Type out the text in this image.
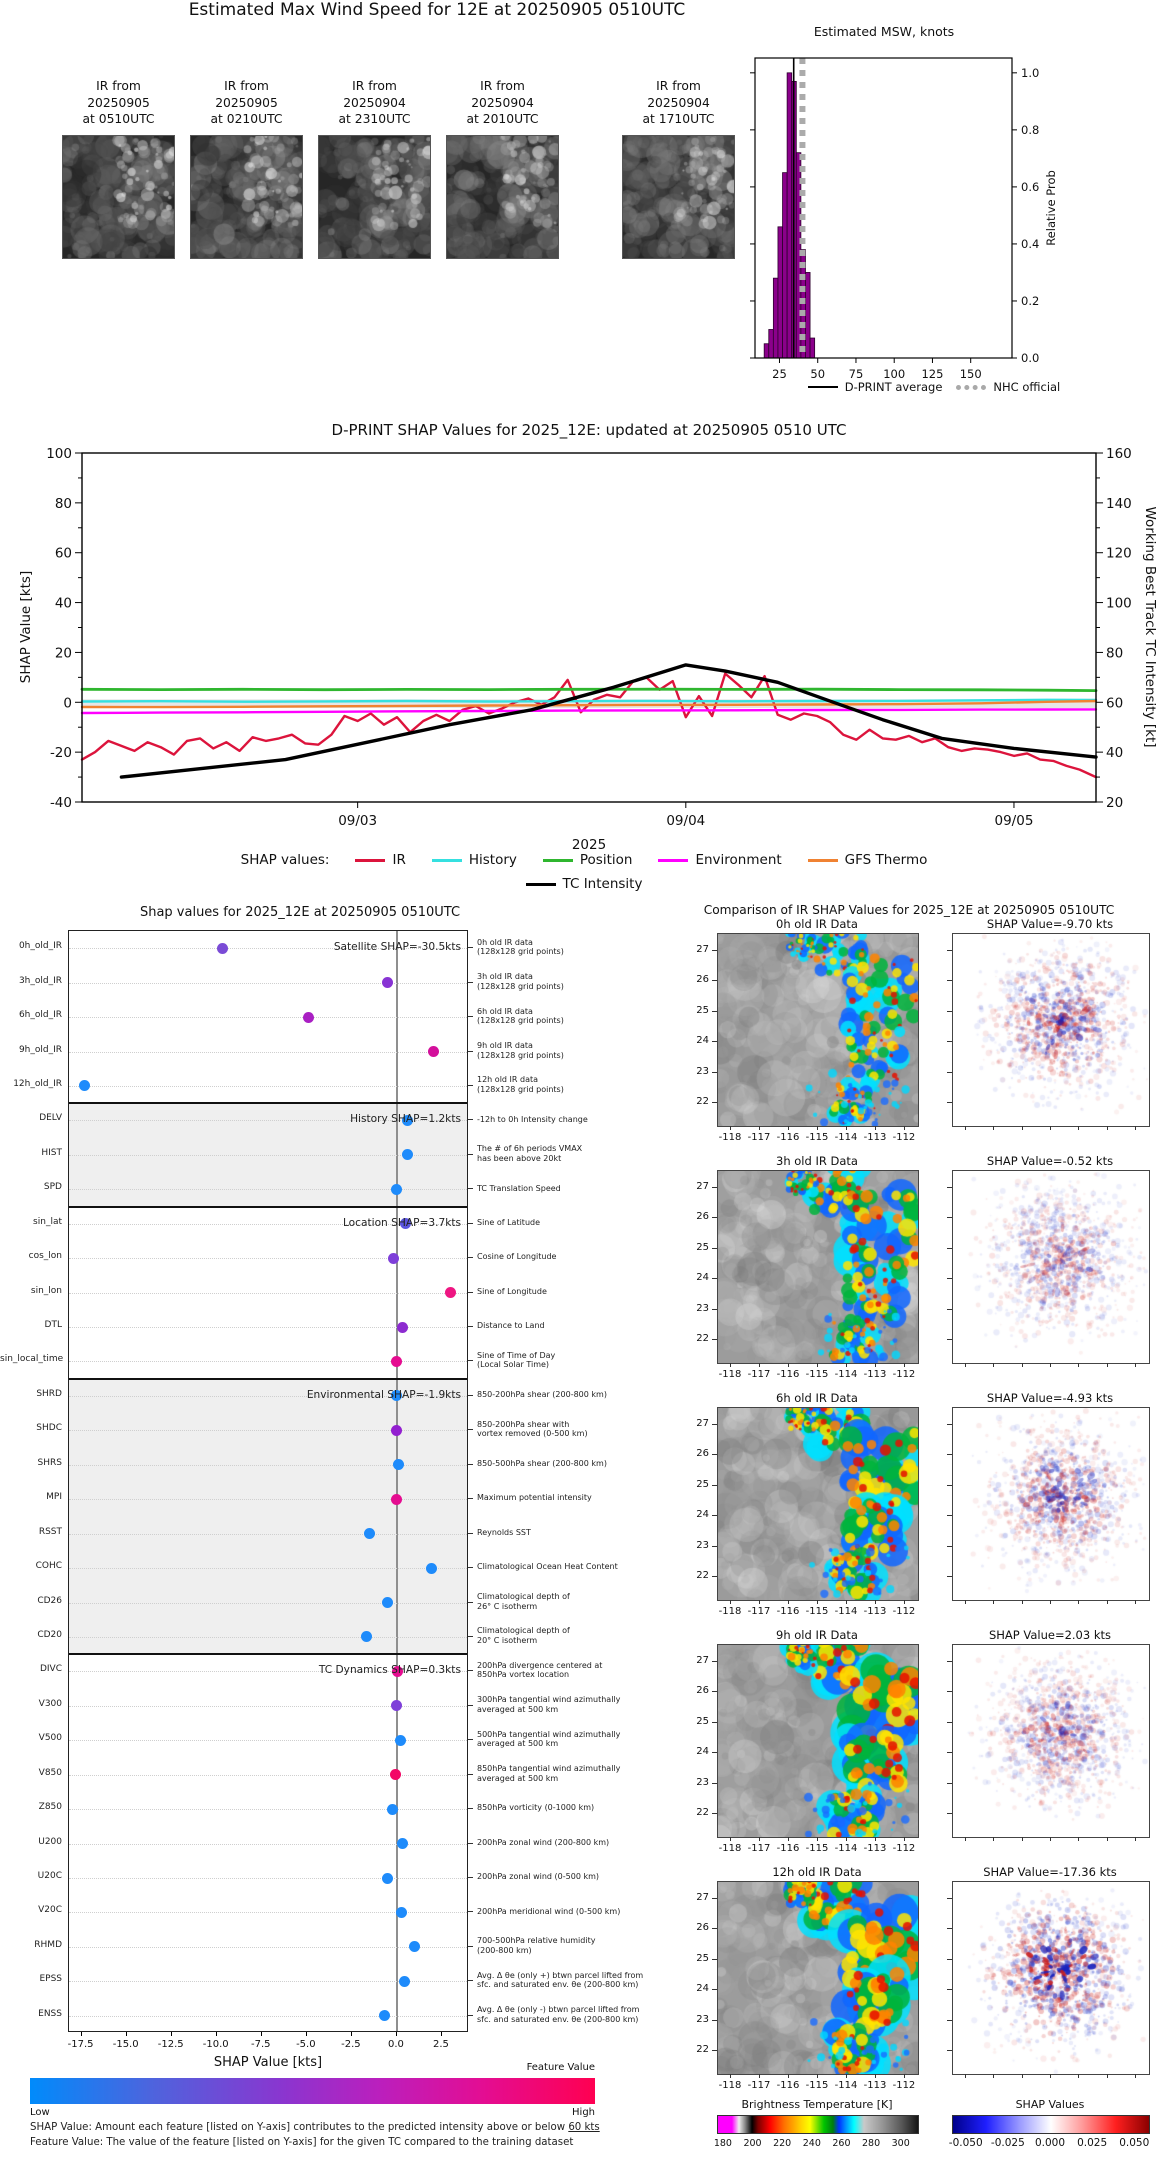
Estimated Max Wind Speed for 12E at 20250905 0510UTC
IR from
20250905
at 0510UTC
IR from
20250905
at 0210UTC
IR from
20250904
at 2310UTC
IR from
20250904
at 2010UTC
IR from
20250904
at 1710UTC
Estimated MSW, knots
1.0
0.8
0.6
0.4
0.2
0.0
Relative Prob
25 50 75 100 125 150
D-PRINT average	NHC official
D-PRINT SHAP Values for 2025_12E: updated at 20250905 0510 UTC
100
80
60
40
20
0
-20
-40
160
140
120
100
80
60
40
20
SHAP Value [kts]	Working Best Track TC Intensity [kt]
09/03	09/04	09/05
2025
SHAP values:	IR	History	Position	Environment	GFS Thermo
TC Intensity
Shap values for 2025_12E at 20250905 0510UTC
Satellite SHAP=-30.5kts
History SHAP=1.2kts
Location SHAP=3.7kts
Environmental SHAP=-1.9kts
TC Dynamics SHAP=0.3kts
0h_old_IR	0h old IR data
(128x128 grid points)
3h_old_IR	3h old IR data
(128x128 grid points)
6h_old_IR	6h old IR data
(128x128 grid points)
9h_old_IR	9h old IR data
(128x128 grid points)
12h_old_IR	12h old IR data
(128x128 grid points)
DELV	-12h to 0h Intensity change
HIST	The # of 6h periods VMAX
has been above 20kt
SPD	TC Translation Speed
sin_lat	Sine of Latitude
cos_lon	Cosine of Longitude
sin_lon	Sine of Longitude
DTL	Distance to Land
sin_local_time	Sine of Time of Day
(Local Solar Time)
SHRD	850-200hPa shear (200-800 km)
SHDC	850-200hPa shear with
vortex removed (0-500 km)
SHRS	850-500hPa shear (200-800 km)
MPI	Maximum potential intensity
RSST	Reynolds SST
COHC	Climatological Ocean Heat Content
CD26	Climatological depth of
26° C isotherm
CD20	Climatological depth of
20° C isotherm
DIVC	200hPa divergence centered at
850hPa vortex location
V300	300hPa tangential wind azimuthally
averaged at 500 km
V500	500hPa tangential wind azimuthally
averaged at 500 km
V850	850hPa tangential wind azimuthally
averaged at 500 km
Z850	850hPa vorticity (0-1000 km)
U200	200hPa zonal wind (200-800 km)
U20C	200hPa zonal wind (0-500 km)
V20C	200hPa meridional wind (0-500 km)
RHMD	700-500hPa relative humidity
(200-800 km)
EPSS	Avg. Δ θe (only +) btwn parcel lifted from
sfc. and saturated env. θe (200-800 km)
ENSS	Avg. Δ θe (only -) btwn parcel lifted from
sfc. and saturated env. θe (200-800 km)
-17.5	-15.0	-12.5	-10.0	-7.5	-5.0	-2.5	0.0	2.5
SHAP Value [kts]	Feature Value
Low	High
SHAP Value: Amount each feature [listed on Y-axis] contributes to the predicted intensity above or below 60 kts
Feature Value: The value of the feature [listed on Y-axis] for the given TC compared to the training dataset
Comparison of IR SHAP Values for 2025_12E at 20250905 0510UTC
0h old IR Data	SHAP Value=-9.70 kts
27
26
25
24
23
22
-118 -117 -116 -115 -114 -113 -112
3h old IR Data	SHAP Value=-0.52 kts
27
26
25
24
23
22
-118 -117 -116 -115 -114 -113 -112
6h old IR Data	SHAP Value=-4.93 kts
27
26
25
24
23
22
-118 -117 -116 -115 -114 -113 -112
9h old IR Data	SHAP Value=2.03 kts
27
26
25
24
23
22
-118 -117 -116 -115 -114 -113 -112
12h old IR Data	SHAP Value=-17.36 kts
27
26
25
24
23
22
-118 -117 -116 -115 -114 -113 -112
Brightness Temperature [K]
180	200	220	240	260	280	300
SHAP Values
-0.050 -0.025 0.000	0.025	0.050
